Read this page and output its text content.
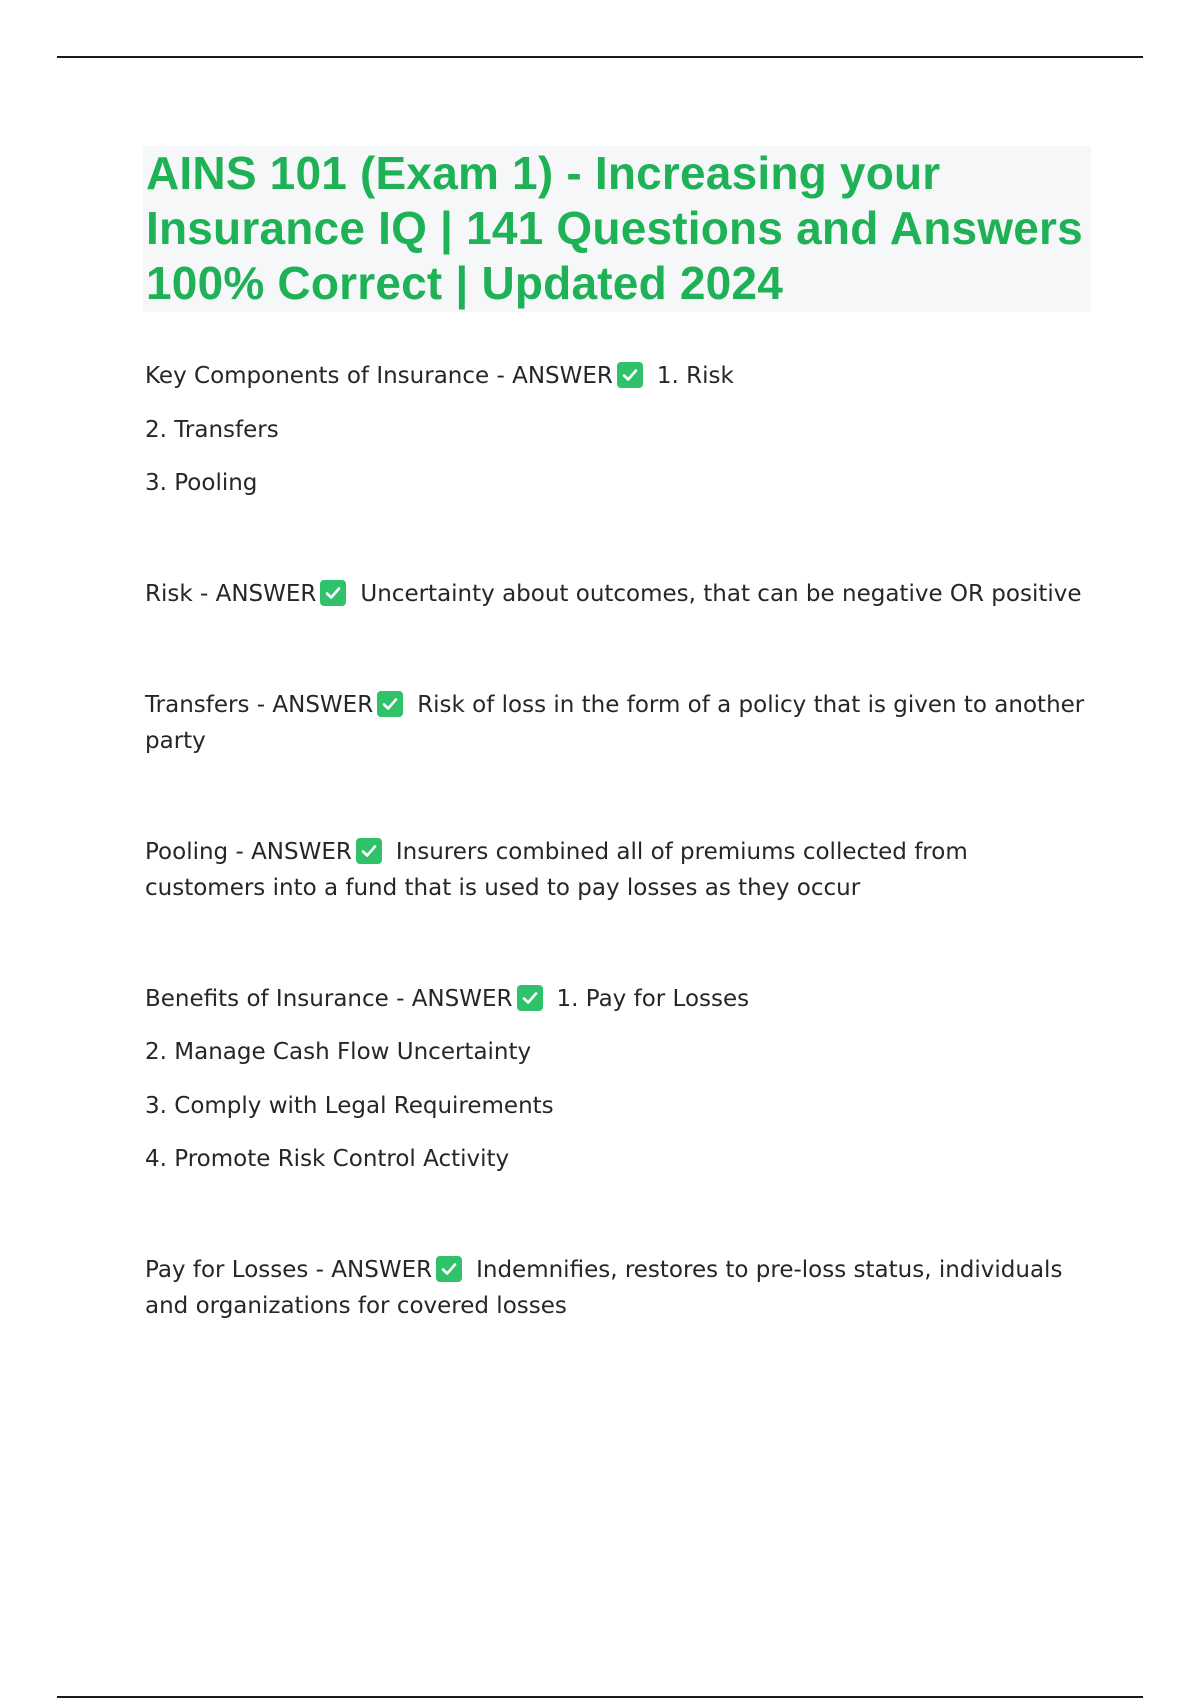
AINS 101 (Exam 1) - Increasing your Insurance IQ | 141 Questions and Answers 100% Correct | Updated 2024
Key Components of Insurance - ANSWER 1. Risk
2. Transfers
3. Pooling
Risk - ANSWER Uncertainty about outcomes, that can be negative OR positive
Transfers - ANSWER Risk of loss in the form of a policy that is given to another party
Pooling - ANSWER Insurers combined all of premiums collected from customers into a fund that is used to pay losses as they occur
Benefits of Insurance - ANSWER 1. Pay for Losses
2. Manage Cash Flow Uncertainty
3. Comply with Legal Requirements
4. Promote Risk Control Activity
Pay for Losses - ANSWER Indemnifies, restores to pre-loss status, individuals and organizations for covered losses
